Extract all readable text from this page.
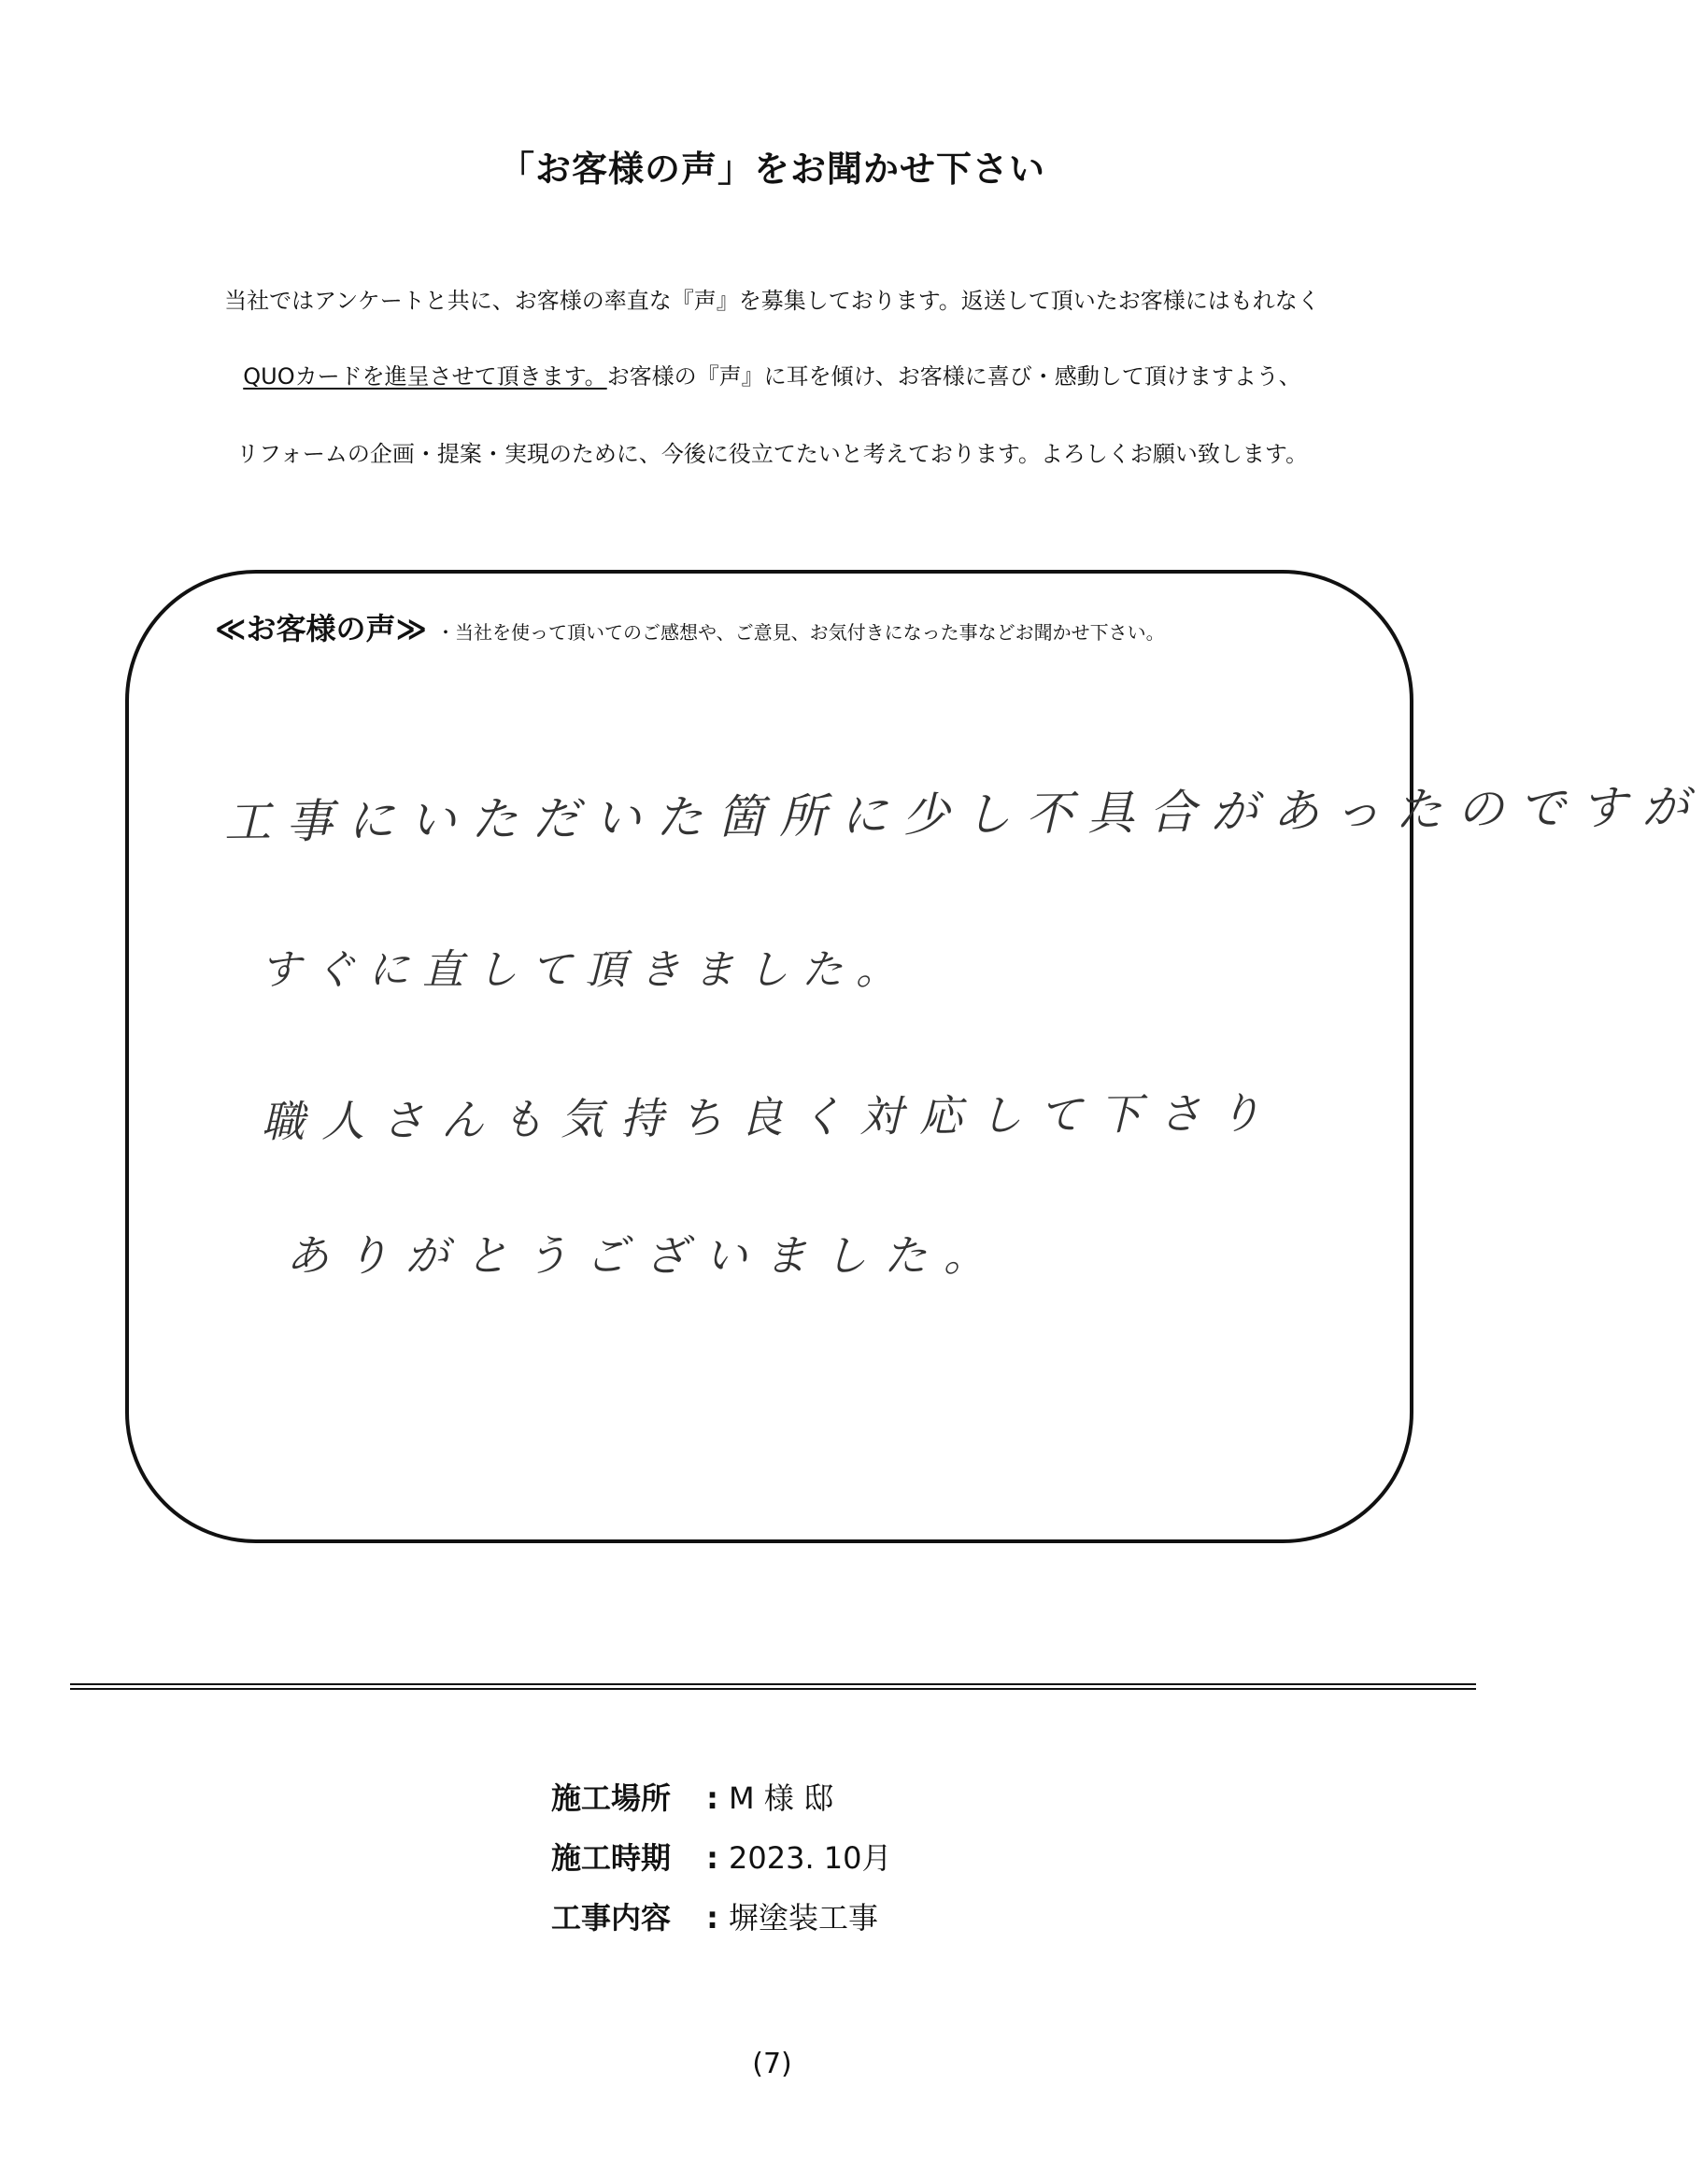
「お客様の声」をお聞かせ下さい
当社ではアンケートと共に、お客様の率直な『声』を募集しております。返送して頂いたお客様にはもれなく
QUOカードを進呈させて頂きます。お客様の『声』に耳を傾け、お客様に喜び・感動して頂けますよう、
リフォームの企画・提案・実現のために、今後に役立てたいと考えております。よろしくお願い致します。
≪お客様の声≫ ・当社を使って頂いてのご感想や、ご意見、お気付きになった事などお聞かせ下さい。
工事にいただいた箇所に少し不具合があったのですが
すぐに直して頂きました。
職人さんも気持ち良く対応して下さり
ありがとうございました。
施工場所	: M 様 邸
施工時期	: 2023. 10月
工事内容	: 塀塗装工事
(7)
